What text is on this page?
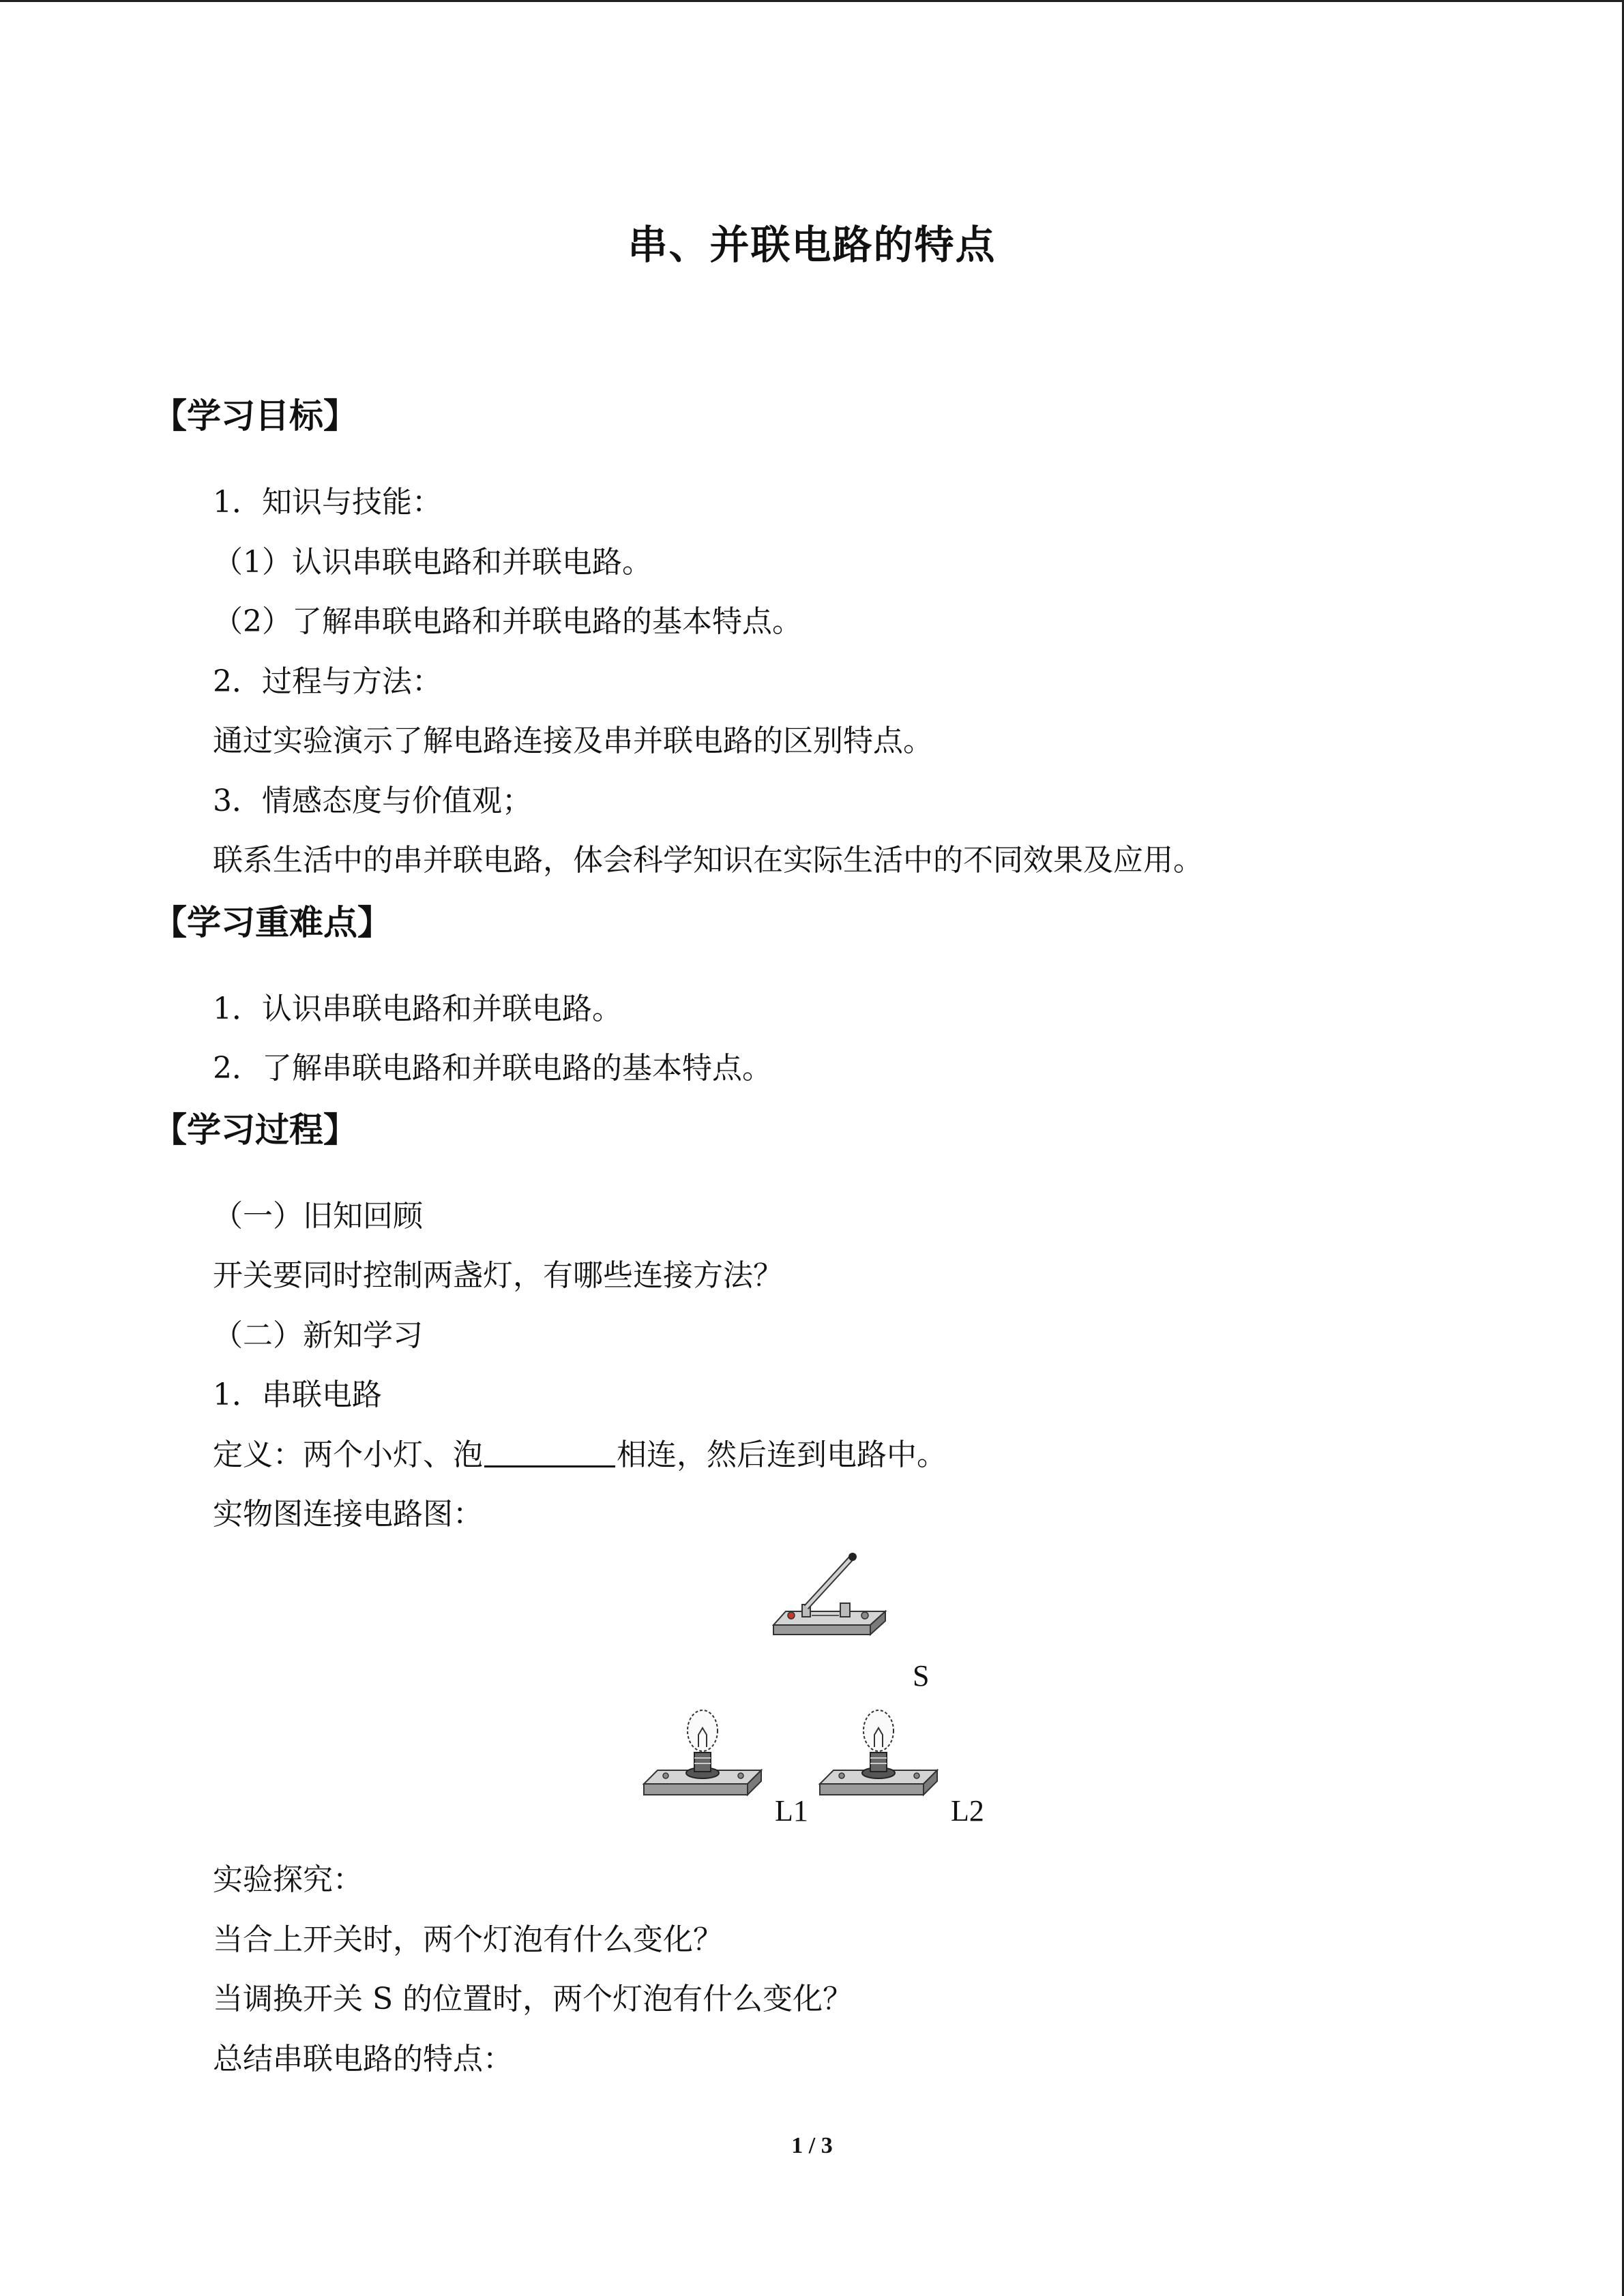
串、并联电路的特点
【学习目标】
1．知识与技能：
（1）认识串联电路和并联电路。
（2）了解串联电路和并联电路的基本特点。
2．过程与方法：
通过实验演示了解电路连接及串并联电路的区别特点。
3．情感态度与价值观；
联系生活中的串并联电路，体会科学知识在实际生活中的不同效果及应用。
【学习重难点】
1．认识串联电路和并联电路。
2．了解串联电路和并联电路的基本特点。
【学习过程】
（一）旧知回顾
开关要同时控制两盏灯，有哪些连接方法？
（二）新知学习
1．串联电路
定义：两个小灯、泡	相连，然后连到电路中。
实物图连接电路图：
S
L1	L2
实验探究：
当合上开关时，两个灯泡有什么变化？
当调换开关 S 的位置时，两个灯泡有什么变化？
总结串联电路的特点：
1 / 3
